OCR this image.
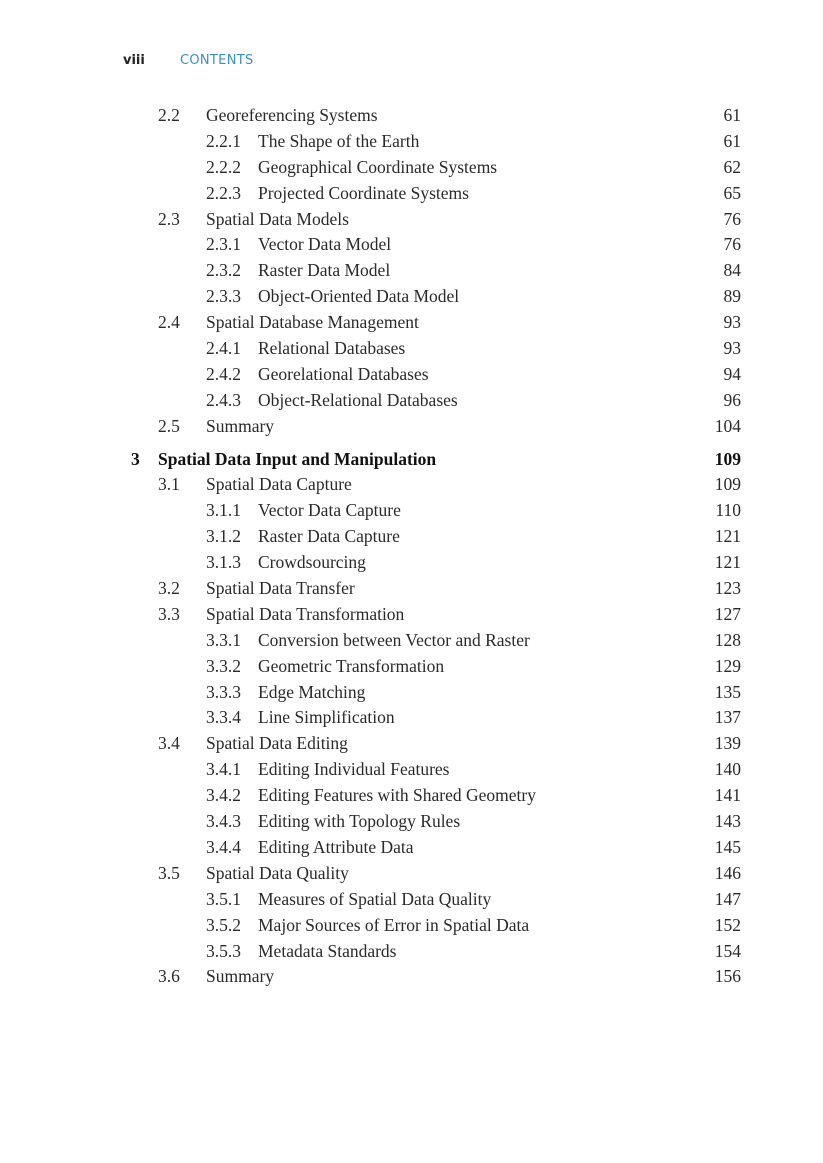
viii	CONTENTS
2.2 Georeferencing Systems	61
2.2.1 The Shape of the Earth	61
2.2.2 Geographical Coordinate Systems	62
2.2.3 Projected Coordinate Systems	65
2.3 Spatial Data Models	76
2.3.1 Vector Data Model	76
2.3.2 Raster Data Model	84
2.3.3 Object-Oriented Data Model	89
2.4 Spatial Database Management	93
2.4.1 Relational Databases	93
2.4.2 Georelational Databases	94
2.4.3 Object-Relational Databases	96
2.5 Summary	104
3 Spatial Data Input and Manipulation	109
3.1 Spatial Data Capture	109
3.1.1 Vector Data Capture	110
3.1.2 Raster Data Capture	121
3.1.3 Crowdsourcing	121
3.2 Spatial Data Transfer	123
3.3 Spatial Data Transformation	127
3.3.1 Conversion between Vector and Raster	128
3.3.2 Geometric Transformation	129
3.3.3 Edge Matching	135
3.3.4 Line Simplification	137
3.4 Spatial Data Editing	139
3.4.1 Editing Individual Features	140
3.4.2 Editing Features with Shared Geometry	141
3.4.3 Editing with Topology Rules	143
3.4.4 Editing Attribute Data	145
3.5 Spatial Data Quality	146
3.5.1 Measures of Spatial Data Quality	147
3.5.2 Major Sources of Error in Spatial Data	152
3.5.3 Metadata Standards	154
3.6 Summary	156
